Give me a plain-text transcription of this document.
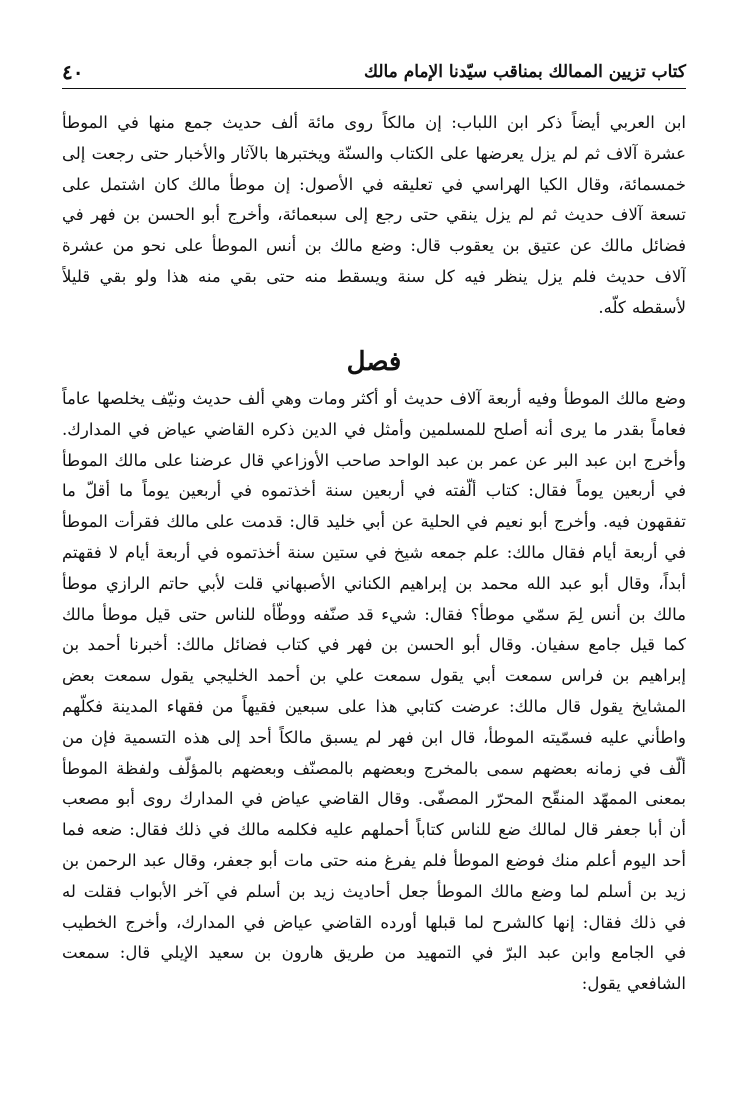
كتاب تزيين الممالك بمناقب سيّدنا الإمام مالك
٤٠

ابن العربي أيضاً ذكر ابن اللباب: إن مالكاً روى مائة ألف حديث جمع منها في الموطأ عشرة آلاف ثم لم يزل يعرضها على الكتاب والسنّة ويختبرها بالآثار والأخبار حتى رجعت إلى خمسمائة، وقال الكيا الهراسي في تعليقه في الأصول: إن موطأ مالك كان اشتمل على تسعة آلاف حديث ثم لم يزل ينقي حتى رجع إلى سبعمائة، وأخرج أبو الحسن بن فهر في فضائل مالك عن عتيق بن يعقوب قال: وضع مالك بن أنس الموطأ على نحو من عشرة آلاف حديث فلم يزل ينظر فيه كل سنة ويسقط منه حتى بقي منه هذا ولو بقي قليلاً لأسقطه كلّه.

فصل

وضع مالك الموطأ وفيه أربعة آلاف حديث أو أكثر ومات وهي ألف حديث ونيّف يخلصها عاماً فعاماً بقدر ما يرى أنه أصلح للمسلمين وأمثل في الدين ذكره القاضي عياض في المدارك. وأخرج ابن عبد البر عن عمر بن عبد الواحد صاحب الأوزاعي قال عرضنا على مالك الموطأ في أربعين يوماً فقال: كتاب ألّفته في أربعين سنة أخذتموه في أربعين يوماً ما أقلّ ما تفقهون فيه. وأخرج أبو نعيم في الحلية عن أبي خليد قال: قدمت على مالك فقرأت الموطأ في أربعة أيام فقال مالك: علم جمعه شيخ في ستين سنة أخذتموه في أربعة أيام لا فقهتم أبداً، وقال أبو عبد الله محمد بن إبراهيم الكناني الأصبهاني قلت لأبي حاتم الرازي موطأ مالك بن أنس لِمَ سمّي موطأ؟ فقال: شيء قد صنّفه ووطّأه للناس حتى قيل موطأ مالك كما قيل جامع سفيان. وقال أبو الحسن بن فهر في كتاب فضائل مالك: أخبرنا أحمد بن إبراهيم بن فراس سمعت أبي يقول سمعت علي بن أحمد الخليجي يقول سمعت بعض المشايخ يقول قال مالك: عرضت كتابي هذا على سبعين فقيهاً من فقهاء المدينة فكلّهم واطأني عليه فسمّيته الموطأ، قال ابن فهر لم يسبق مالكاً أحد إلى هذه التسمية فإن من ألّف في زمانه بعضهم سمى بالمخرج وبعضهم بالمصنّف وبعضهم بالمؤلّف ولفظة الموطأ بمعنى الممهّد المنقّح المحرّر المصفّى. وقال القاضي عياض في المدارك روى أبو مصعب أن أبا جعفر قال لمالك ضع للناس كتاباً أحملهم عليه فكلمه مالك في ذلك فقال: ضعه فما أحد اليوم أعلم منك فوضع الموطأ فلم يفرغ منه حتى مات أبو جعفر، وقال عبد الرحمن بن زيد بن أسلم لما وضع مالك الموطأ جعل أحاديث زيد بن أسلم في آخر الأبواب فقلت له في ذلك فقال: إنها كالشرح لما قبلها أورده القاضي عياض في المدارك، وأخرج الخطيب في الجامع وابن عبد البرّ في التمهيد من طريق هارون بن سعيد الإيلي قال: سمعت الشافعي يقول:
